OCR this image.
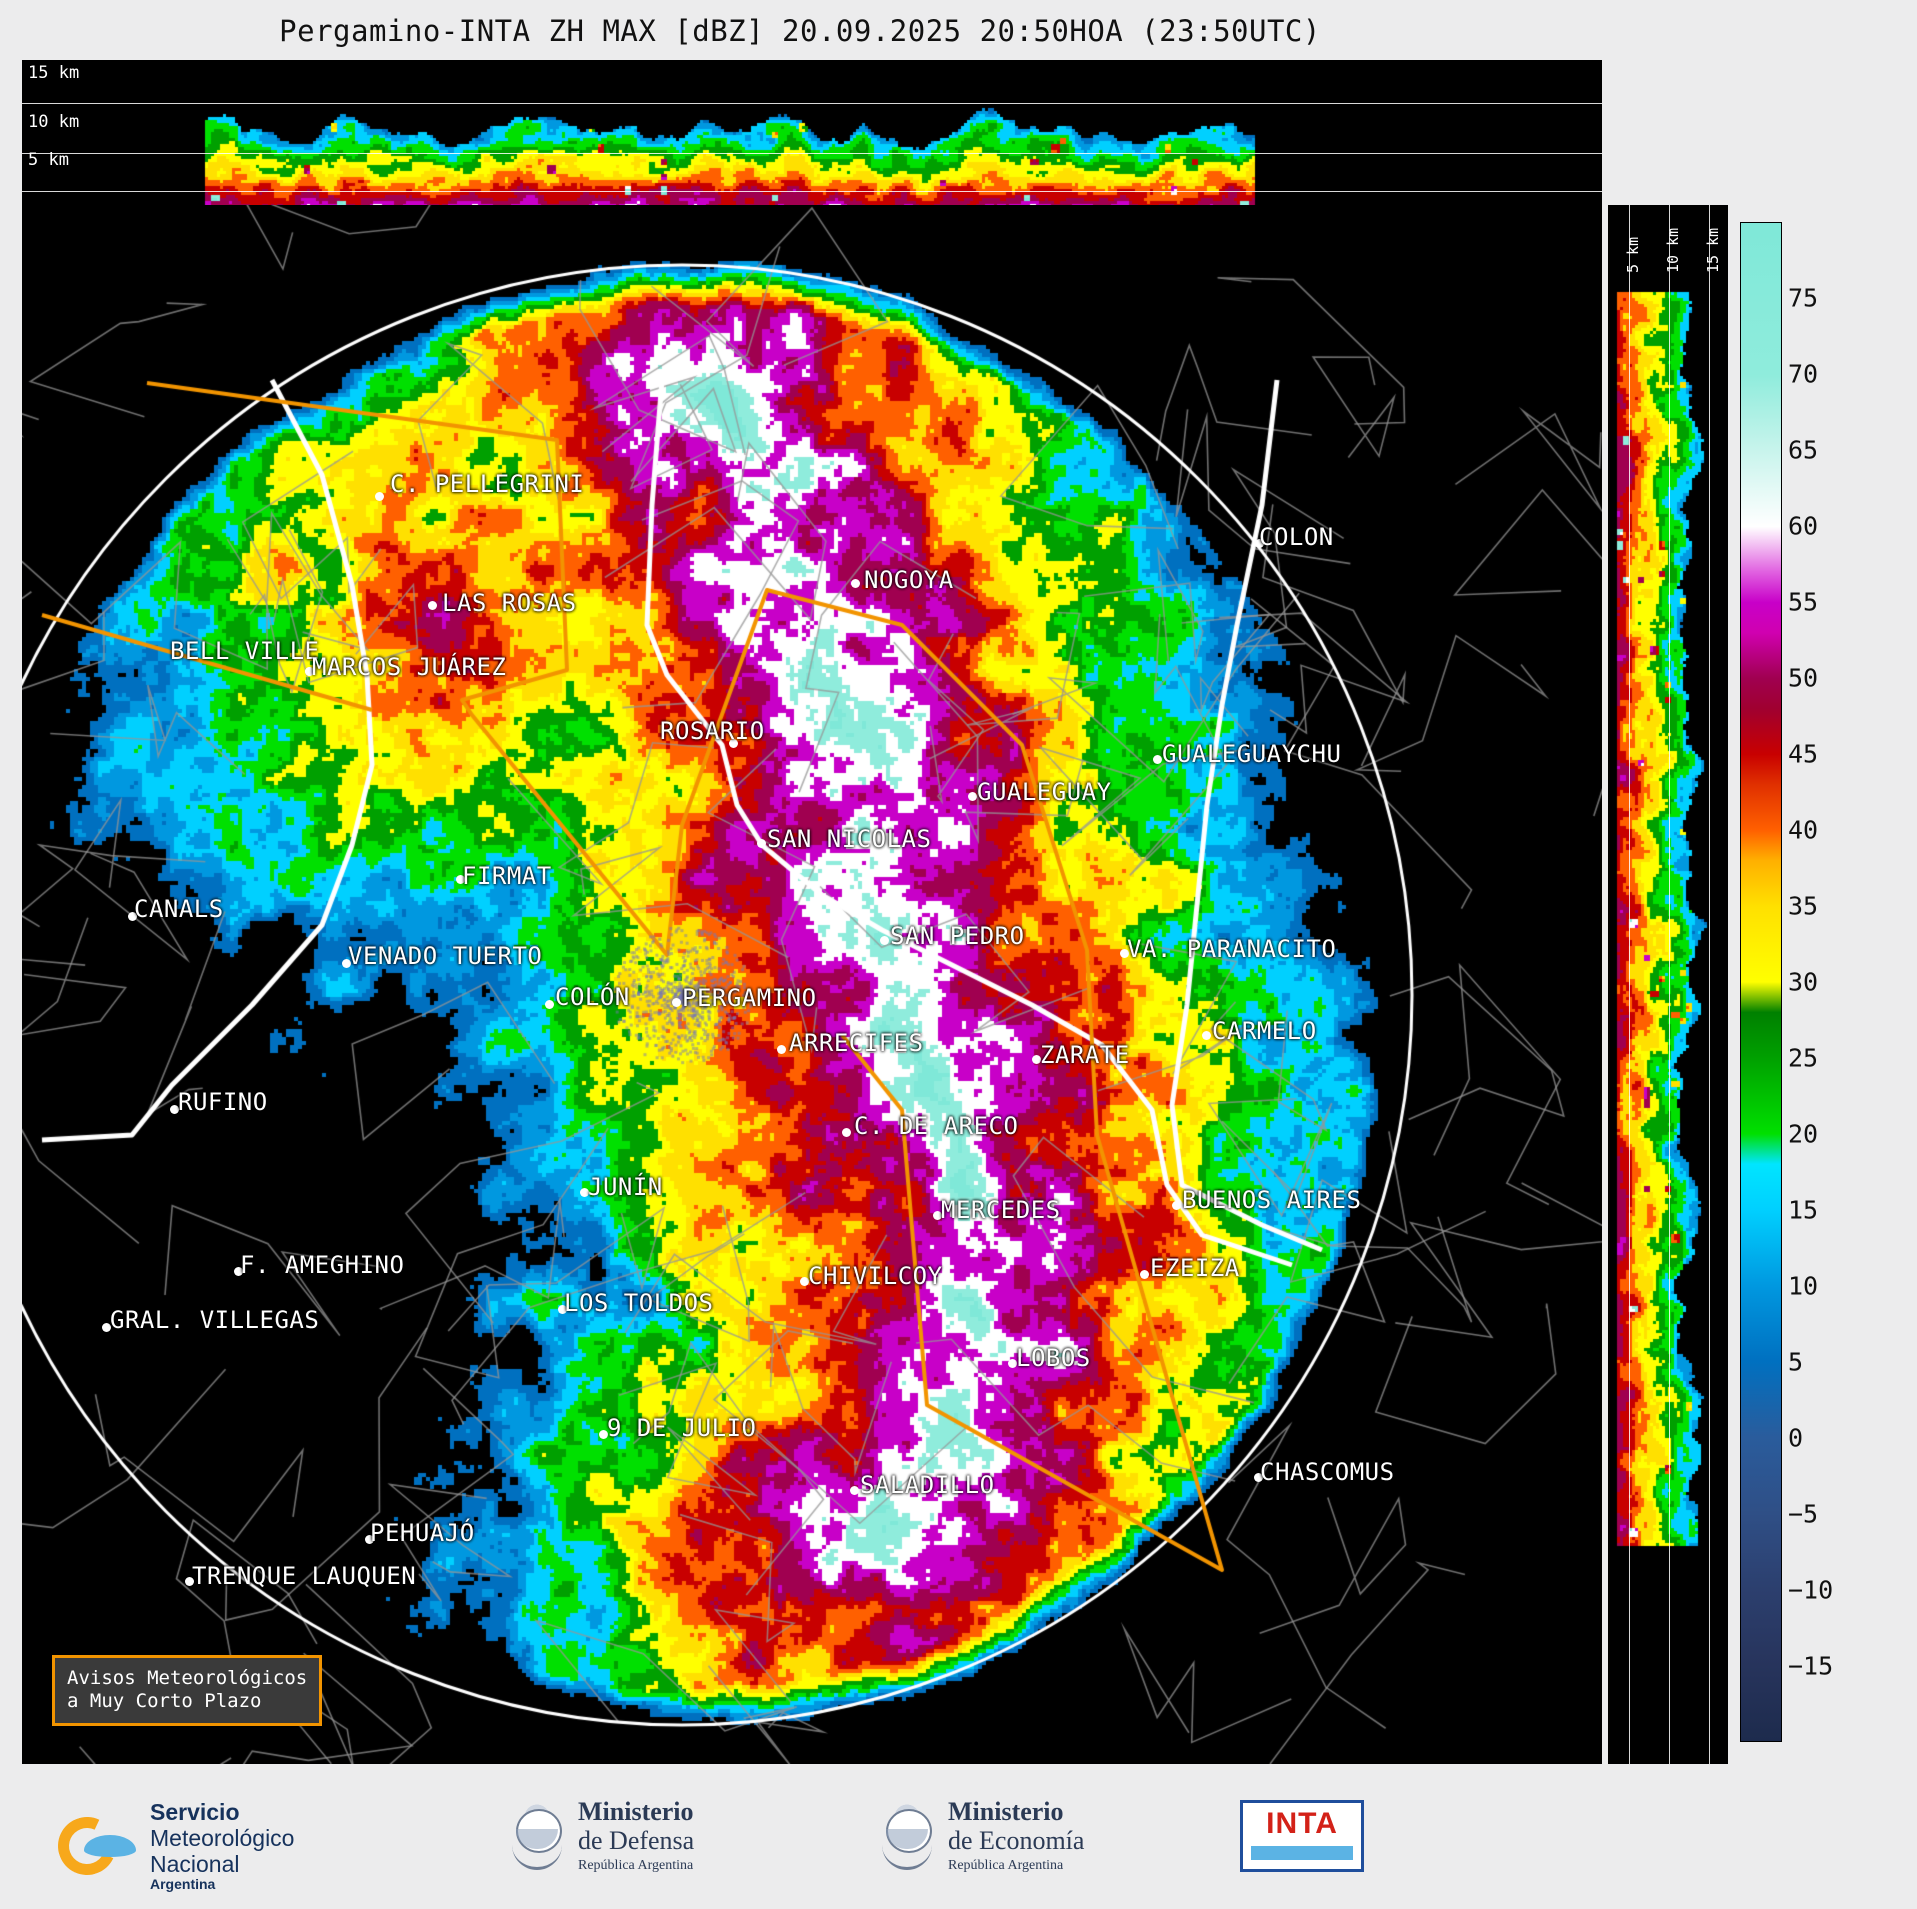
Pergamino-INTA ZH MAX [dBZ] 20.09.2025 20:50HOA (23:50UTC)
15 km
10 km
5 km
C. PELLEGRINI
NOGOYA
LAS ROSAS
BELL VILLE
MARCOS JUÁREZ
COLON
ROSARIO
GUALEGUAYCHU
GUALEGUAY
SAN NICOLAS
FIRMAT
CANALS
SAN PEDRO	VA. PARANACITO
VENADO TUERTO
COLÓN PERGAMINO
CARMELO
ARRECIFES	ZARATE
RUFINO
C. DE ARECO
JUNÍN	BUENOS AIRES
MERCEDES
F. AMEGHINO	CHIVILCOY	EZEIZA
LOS TOLDOS
GRAL. VILLEGAS
LOBOS
9 DE JULIO
CHASCOMUS
SALADILLO
PEHUAJÓ
TRENQUE LAUQUEN
Avisos Meteorológicos
a Muy Corto Plazo
5 km 10 km 15 km
75
70
65
60
55
50
45
40
35
30
25
20
15
10
5
0
−5
−10
−15
Servicio
Meteorológico
Nacional
Argentina
Ministerio
de Defensa
República Argentina
Ministerio
de Economía
República Argentina
INTA
